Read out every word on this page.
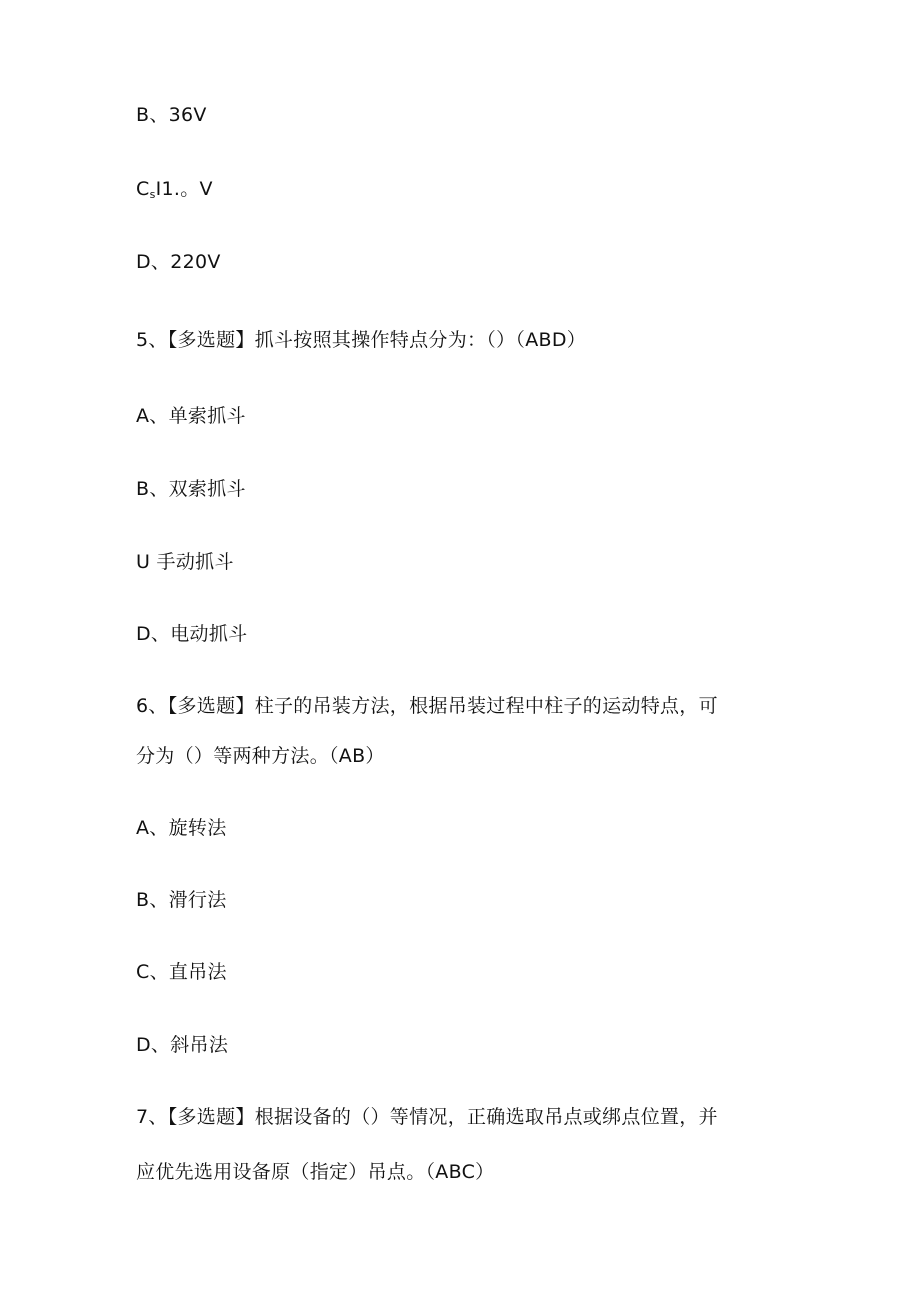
B、36V
$C_sI1$.。V
D、220V
5、【多选题】抓斗按照其操作特点分为：（）（ABD）
A、单索抓斗
B、双索抓斗
U 手动抓斗
D、电动抓斗
6、【多选题】柱子的吊装方法，根据吊装过程中柱子的运动特点，可
分为（）等两种方法。（AB）
A、旋转法
B、滑行法
C、直吊法
D、斜吊法
7、【多选题】根据设备的（）等情况，正确选取吊点或绑点位置，并
应优先选用设备原（指定）吊点。（ABC）
